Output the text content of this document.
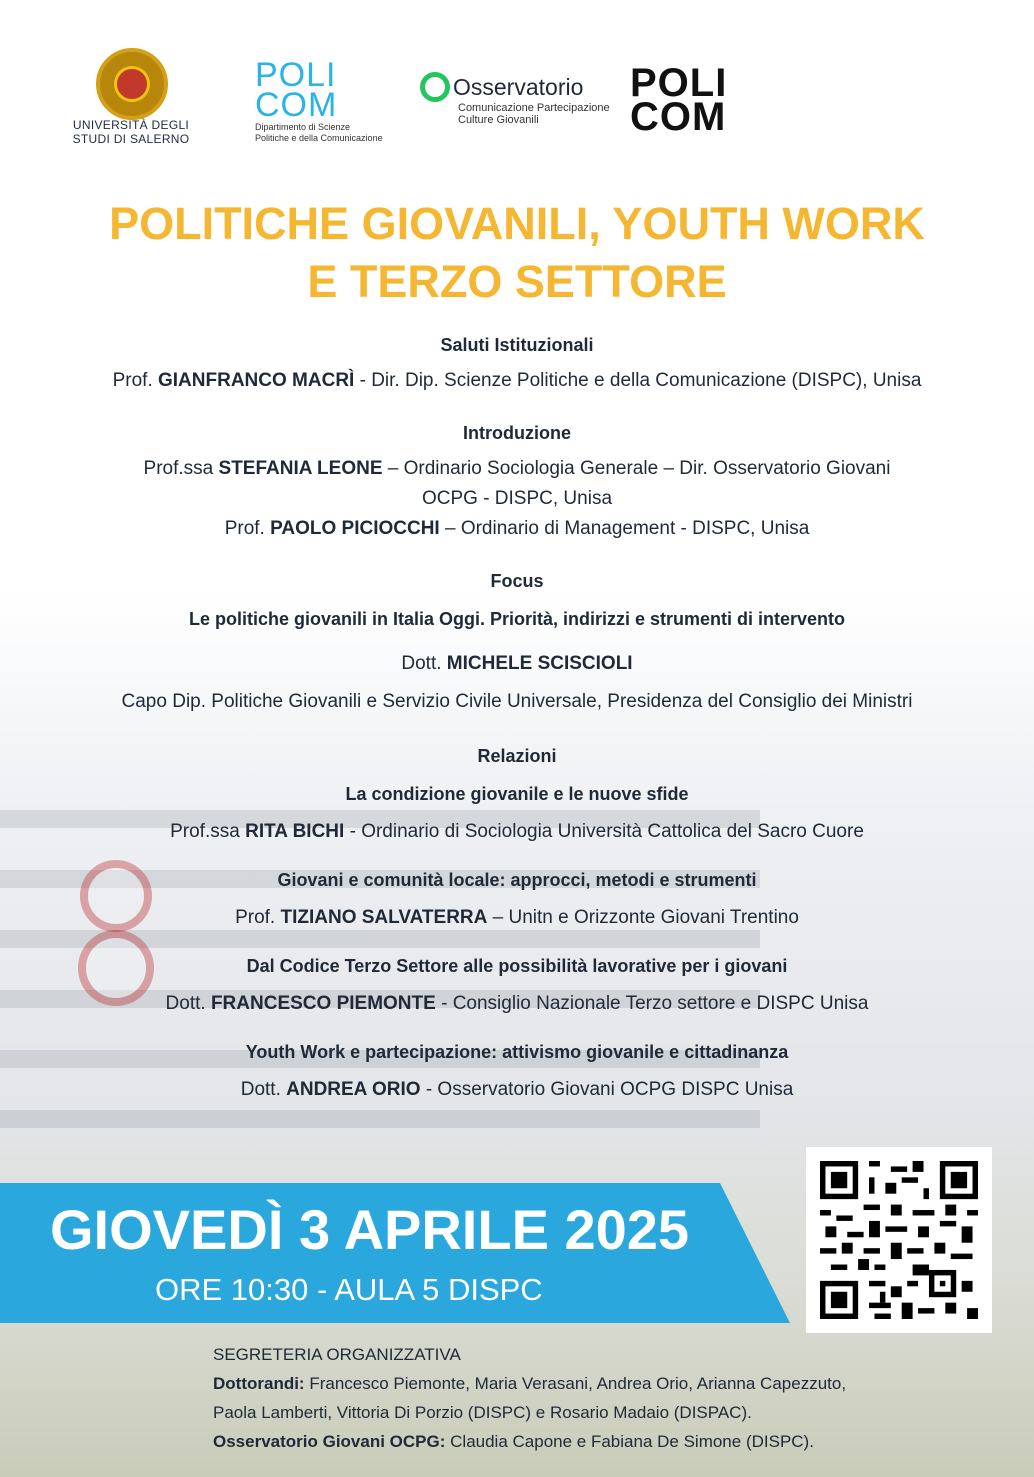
UNIVERSITÀ DEGLI STUDI DI SALERNO
POLI COM
Dipartimento di Scienze Politiche e della Comunicazione
Osservatorio
Comunicazione Partecipazione Culture Giovanili
POLI COM
POLITICHE GIOVANILI, YOUTH WORK
E TERZO SETTORE
Saluti Istituzionali
Prof. GIANFRANCO MACRÌ - Dir. Dip. Scienze Politiche e della Comunicazione (DISPC), Unisa
Introduzione
Prof.ssa STEFANIA LEONE – Ordinario Sociologia Generale – Dir. Osservatorio Giovani
OCPG - DISPC, Unisa
Prof. PAOLO PICIOCCHI – Ordinario di Management - DISPC, Unisa
Focus
Le politiche giovanili in Italia Oggi. Priorità, indirizzi e strumenti di intervento
Dott. MICHELE SCISCIOLI
Capo Dip. Politiche Giovanili e Servizio Civile Universale, Presidenza del Consiglio dei Ministri
Relazioni
La condizione giovanile e le nuove sfide
Prof.ssa RITA BICHI - Ordinario di Sociologia Università Cattolica del Sacro Cuore
Giovani e comunità locale: approcci, metodi e strumenti
Prof. TIZIANO SALVATERRA – Unitn e Orizzonte Giovani Trentino
Dal Codice Terzo Settore alle possibilità lavorative per i giovani
Dott. FRANCESCO PIEMONTE - Consiglio Nazionale Terzo settore e DISPC Unisa
Youth Work e partecipazione: attivismo giovanile e cittadinanza
Dott. ANDREA ORIO - Osservatorio Giovani OCPG DISPC Unisa
GIOVEDÌ 3 APRILE 2025
ORE 10:30 - AULA 5 DISPC
SEGRETERIA ORGANIZZATIVA
Dottorandi: Francesco Piemonte, Maria Verasani, Andrea Orio, Arianna Capezzuto,
Paola Lamberti, Vittoria Di Porzio (DISPC) e Rosario Madaio (DISPAC).
Osservatorio Giovani OCPG: Claudia Capone e Fabiana De Simone (DISPC).
